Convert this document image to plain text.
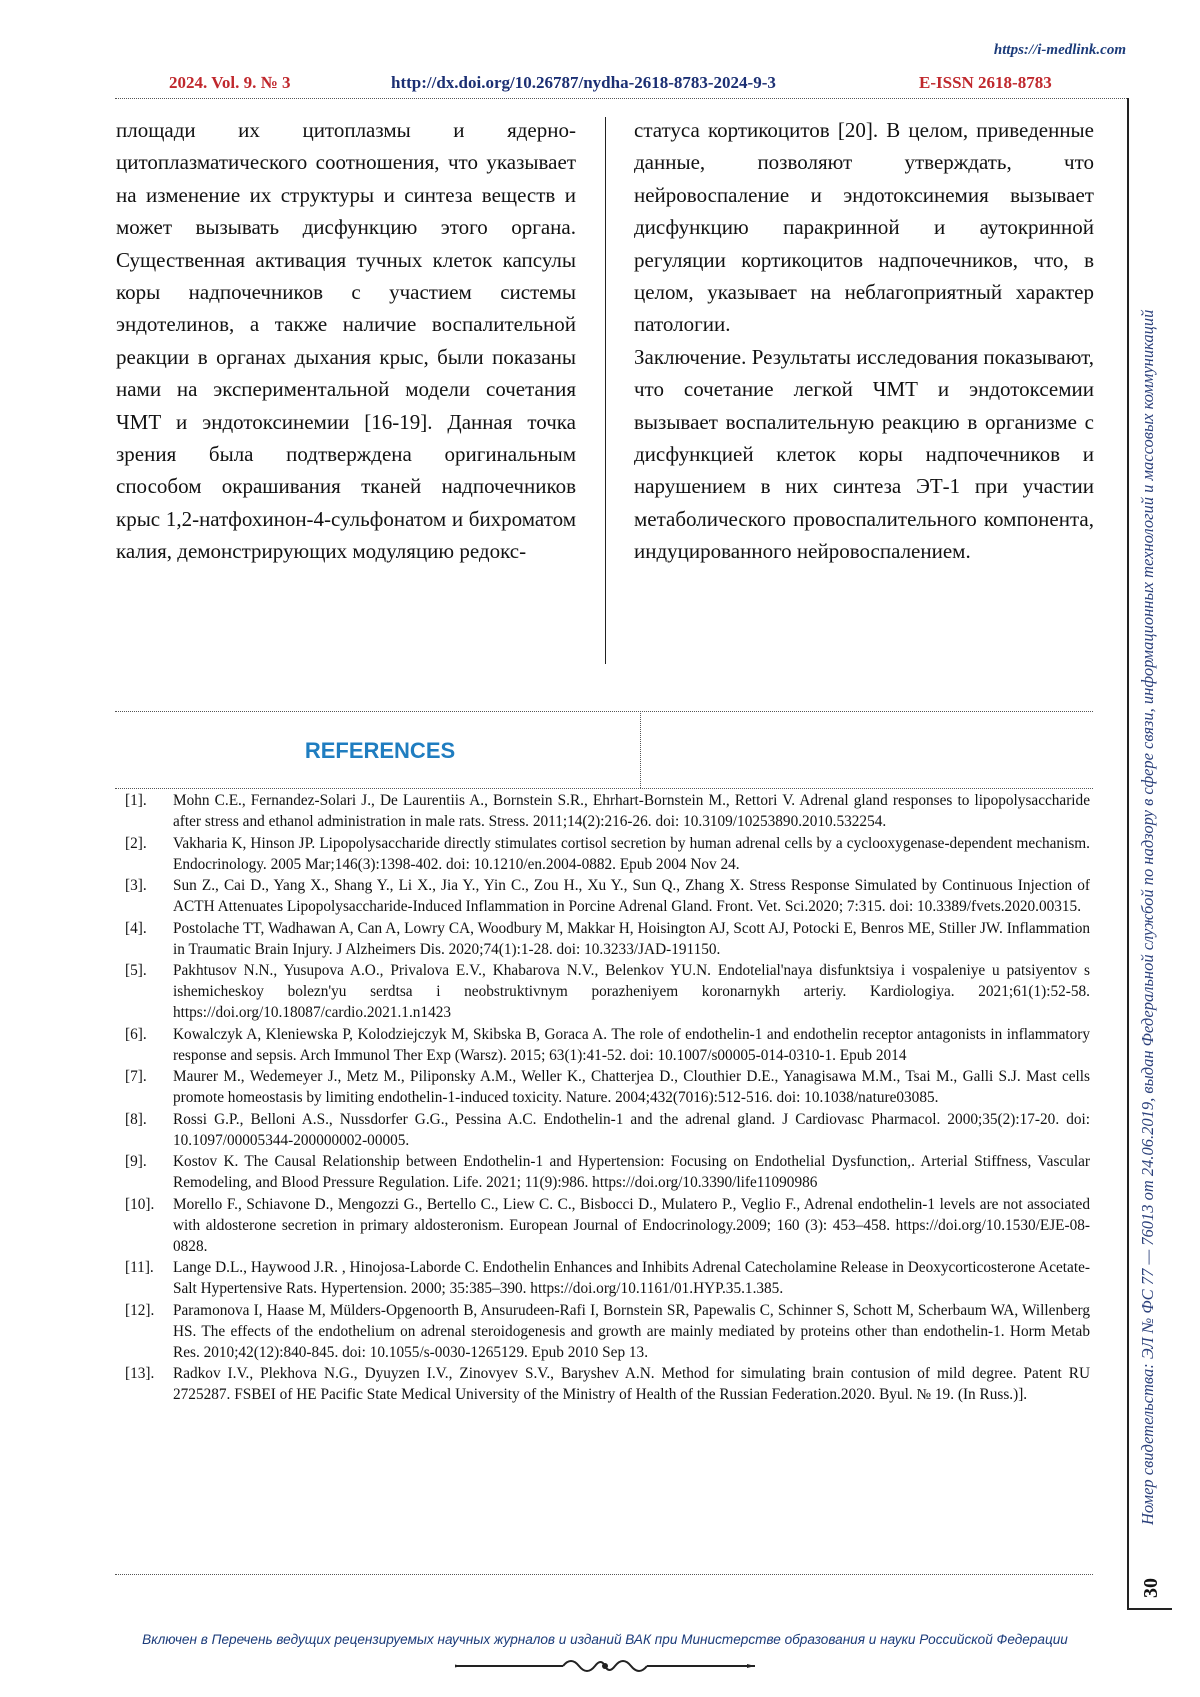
https://i-medlink.com
2024. Vol. 9. № 3	http://dx.doi.org/10.26787/nydha-2618-8783-2024-9-3	E-ISSN 2618-8783

площади их цитоплазмы и ядерно-цитоплазматического соотношения, что указывает на изменение их структуры и синтеза веществ и может вызывать дисфункцию этого органа. Существенная активация тучных клеток капсулы коры надпочечников с участием системы эндотелинов, а также наличие воспалительной реакции в органах дыхания крыс, были показаны нами на экспериментальной модели сочетания ЧМТ и эндотоксинемии [16-19]. Данная точка зрения была подтверждена оригинальным способом окрашивания тканей надпочечников крыс 1,2-натфохинон-4-сульфонатом и бихроматом калия, демонстрирующих модуляцию редокс-

статуса кортикоцитов [20]. В целом, приведенные данные, позволяют утверждать, что нейровоспаление и эндотоксинемия вызывает дисфункцию паракринной и аутокринной регуляции кортикоцитов надпочечников, что, в целом, указывает на неблагоприятный характер патологии.

Заключение. Результаты исследования показывают, что сочетание легкой ЧМТ и эндотоксемии вызывает воспалительную реакцию в организме с дисфункцией клеток коры надпочечников и нарушением в них синтеза ЭТ-1 при участии метаболического провоспалительного компонента, индуцированного нейровоспалением.

REFERENCES
[1]. Mohn C.E., Fernandez-Solari J., De Laurentiis A., Bornstein S.R., Ehrhart-Bornstein M., Rettori V. Adrenal gland responses to lipopolysaccharide after stress and ethanol administration in male rats. Stress. 2011;14(2):216-26. doi: 10.3109/10253890.2010.532254.
[2]. Vakharia K, Hinson JP. Lipopolysaccharide directly stimulates cortisol secretion by human adrenal cells by a cyclooxygenase-dependent mechanism. Endocrinology. 2005 Mar;146(3):1398-402. doi: 10.1210/en.2004-0882. Epub 2004 Nov 24.
[3]. Sun Z., Cai D., Yang X., Shang Y., Li X., Jia Y., Yin C., Zou H., Xu Y., Sun Q., Zhang X. Stress Response Simulated by Continuous Injection of ACTH Attenuates Lipopolysaccharide-Induced Inflammation in Porcine Adrenal Gland. Front. Vet. Sci.2020; 7:315. doi: 10.3389/fvets.2020.00315.
[4]. Postolache TT, Wadhawan A, Can A, Lowry CA, Woodbury M, Makkar H, Hoisington AJ, Scott AJ, Potocki E, Benros ME, Stiller JW. Inflammation in Traumatic Brain Injury. J Alzheimers Dis. 2020;74(1):1-28. doi: 10.3233/JAD-191150.
[5]. Pakhtusov N.N., Yusupova A.O., Privalova E.V., Khabarova N.V., Belenkov YU.N. Endotelial'naya disfunktsiya i vospaleniye u patsiyentov s ishemicheskoy bolezn'yu serdtsa i neobstruktivnym porazheniyem koronarnykh arteriy. Kardiologiya. 2021;61(1):52-58. https://doi.org/10.18087/cardio.2021.1.n1423
[6]. Kowalczyk A, Kleniewska P, Kolodziejczyk M, Skibska B, Goraca A. The role of endothelin-1 and endothelin receptor antagonists in inflammatory response and sepsis. Arch Immunol Ther Exp (Warsz). 2015; 63(1):41-52. doi: 10.1007/s00005-014-0310-1. Epub 2014
[7]. Maurer M., Wedemeyer J., Metz M., Piliponsky A.M., Weller K., Chatterjea D., Clouthier D.E., Yanagisawa M.M., Tsai M., Galli S.J. Mast cells promote homeostasis by limiting endothelin-1-induced toxicity. Nature. 2004;432(7016):512-516. doi: 10.1038/nature03085.
[8]. Rossi G.P., Belloni A.S., Nussdorfer G.G., Pessina A.C. Endothelin-1 and the adrenal gland. J Cardiovasc Pharmacol. 2000;35(2):17-20. doi: 10.1097/00005344-200000002-00005.
[9]. Kostov K. The Causal Relationship between Endothelin-1 and Hypertension: Focusing on Endothelial Dysfunction,. Arterial Stiffness, Vascular Remodeling, and Blood Pressure Regulation. Life. 2021; 11(9):986. https://doi.org/10.3390/life11090986
[10]. Morello F., Schiavone D., Mengozzi G., Bertello C., Liew C. C., Bisbocci D., Mulatero P., Veglio F., Adrenal endothelin-1 levels are not associated with aldosterone secretion in primary aldosteronism. European Journal of Endocrinology.2009; 160 (3): 453–458. https://doi.org/10.1530/EJE-08-0828.
[11]. Lange D.L., Haywood J.R. , Hinojosa-Laborde C. Endothelin Enhances and Inhibits Adrenal Catecholamine Release in Deoxycorticosterone Acetate-Salt Hypertensive Rats. Hypertension. 2000; 35:385–390. https://doi.org/10.1161/01.HYP.35.1.385.
[12]. Paramonova I, Haase M, Mülders-Opgenoorth B, Ansurudeen-Rafi I, Bornstein SR, Papewalis C, Schinner S, Schott M, Scherbaum WA, Willenberg HS. The effects of the endothelium on adrenal steroidogenesis and growth are mainly mediated by proteins other than endothelin-1. Horm Metab Res. 2010;42(12):840-845. doi: 10.1055/s-0030-1265129. Epub 2010 Sep 13.
[13]. Radkov I.V., Plekhova N.G., Dyuyzen I.V., Zinovyev S.V., Baryshev A.N. Method for simulating brain contusion of mild degree. Patent RU 2725287. FSBEI of HE Pacific State Medical University of the Ministry of Health of the Russian Federation.2020. Byul. № 19. (In Russ.)].	Номер свидетельства: ЭЛ № ФС 77 — 76013 от 24.06.2019, выдан Федеральной службой по надзору в сфере связи, информационных технологий и массовых коммуникаций
30
Включен в Перечень ведущих рецензируемых научных журналов и изданий ВАК при Министерстве образования и науки Российской Федерации
